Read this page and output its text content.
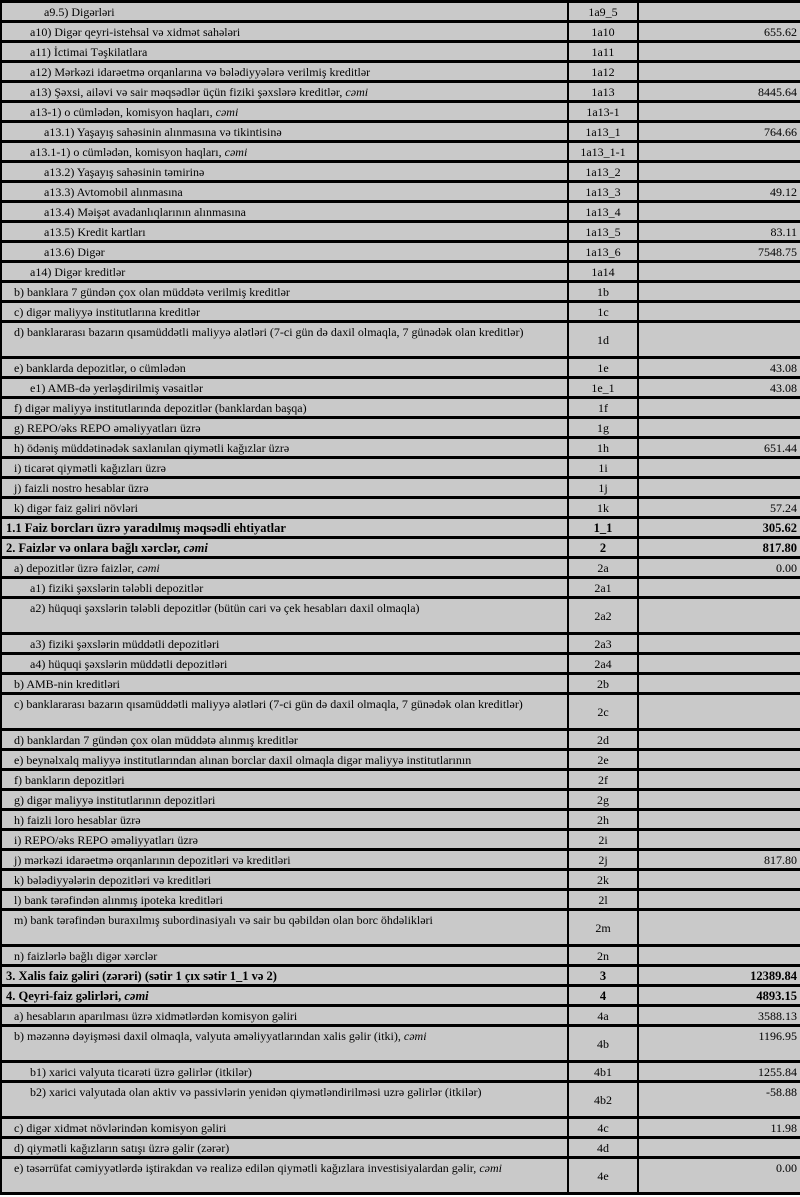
a9.5) Digərləri	1a9_5	
a10) Digər qeyri-istehsal və xidmət sahələri	1a10	655.62
a11) İctimai Təşkilatlara	1a11	
a12) Mərkəzi idarəetmə orqanlarına və bələdiyyələrə verilmiş kreditlər	1a12	
a13) Şəxsi, ailəvi və sair məqsədlər üçün fiziki şəxslərə kreditlər, cəmi	1a13	8445.64
a13-1) o cümlədən, komisyon haqları, cəmi	1a13-1	
a13.1) Yaşayış sahəsinin alınmasına və tikintisinə	1a13_1	764.66
a13.1-1) o cümlədən, komisyon haqları, cəmi	1a13_1-1	
a13.2) Yaşayış sahəsinin təmirinə	1a13_2	
a13.3) Avtomobil alınmasına	1a13_3	49.12
a13.4) Məişət avadanlıqlarının alınmasına	1a13_4	
a13.5) Kredit kartları	1a13_5	83.11
a13.6) Digər	1a13_6	7548.75
a14) Digər kreditlər	1a14	
b) banklara 7 gündən çox olan müddətə verilmiş kreditlər	1b	
c) digər maliyyə institutlarına kreditlər	1c	
d) banklararası bazarın qısamüddətli maliyyə alətləri (7-ci gün də daxil olmaqla, 7 günədək olan kreditlər)	1d	
e) banklarda depozitlər, o cümlədən	1e	43.08
e1) AMB-də yerləşdirilmiş vəsaitlər	1e_1	43.08
f) digər maliyyə institutlarında depozitlər (banklardan başqa)	1f	
g) REPO/əks REPO əməliyyatları üzrə	1g	
h) ödəniş müddətinədək saxlanılan qiymətli kağızlar üzrə	1h	651.44
i) ticarət qiymətli kağızları üzrə	1i	
j) faizli nostro hesablar üzrə	1j	
k) digər faiz gəliri növləri	1k	57.24
1.1 Faiz borcları üzrə yaradılmış məqsədli ehtiyatlar	1_1	305.62
2. Faizlər və onlara bağlı xərclər, cəmi	2	817.80
a) depozitlər üzrə faizlər, cəmi	2a	0.00
a1) fiziki şəxslərin tələbli depozitlər	2a1	
a2) hüquqi şəxslərin tələbli depozitlər (bütün cari və çek hesabları daxil olmaqla)	2a2	
a3) fiziki şəxslərin müddətli depozitləri	2a3	
a4) hüquqi şəxslərin müddətli depozitləri	2a4	
b) AMB-nin kreditləri	2b	
c) banklararası bazarın qısamüddətli maliyyə alətləri (7-ci gün də daxil olmaqla, 7 günədək olan kreditlər)	2c	
d) banklardan 7 gündən çox olan müddətə alınmış kreditlər	2d	
e) beynəlxalq maliyyə institutlarından alınan borclar daxil olmaqla digər maliyyə institutlarının	2e	
f) bankların depozitləri	2f	
g) digər maliyyə institutlarının depozitləri	2g	
h) faizli loro hesablar üzrə	2h	
i) REPO/əks REPO əməliyyatları üzrə	2i	
j) mərkəzi idarəetmə orqanlarının depozitləri və kreditləri	2j	817.80
k) bələdiyyələrin depozitləri və kreditləri	2k	
l) bank tərəfindən alınmış ipoteka kreditləri	2l	
m) bank tərəfindən buraxılmış subordinasiyalı və sair bu qəbildən olan borc öhdəlikləri	2m	
n) faizlərlə bağlı digər xərclər	2n	
3. Xalis faiz gəliri (zərəri) (sətir 1 çıx sətir 1_1 və 2)	3	12389.84
4. Qeyri-faiz gəlirləri, cəmi	4	4893.15
a) hesabların aparılması üzrə xidmətlərdən komisyon gəliri	4a	3588.13
b) məzənnə dəyişməsi daxil olmaqla, valyuta əməliyyatlarından xalis gəlir (itki), cəmi	4b	1196.95
b1) xarici valyuta ticarəti üzrə gəlirlər (itkilər)	4b1	1255.84
b2) xarici valyutada olan aktiv və passivlərin yenidən qiymətləndirilməsi uzrə gəlirlər (itkilər)	4b2	-58.88
c) digər xidmət növlərindən komisyon gəliri	4c	11.98
d) qiymətli kağızların satışı üzrə gəlir (zərər)	4d	
e) təsərrüfat cəmiyyətlərdə iştirakdan və realizə edilən qiymətli kağızlara investisiyalardan gəlir, cəmi	4e	0.00
